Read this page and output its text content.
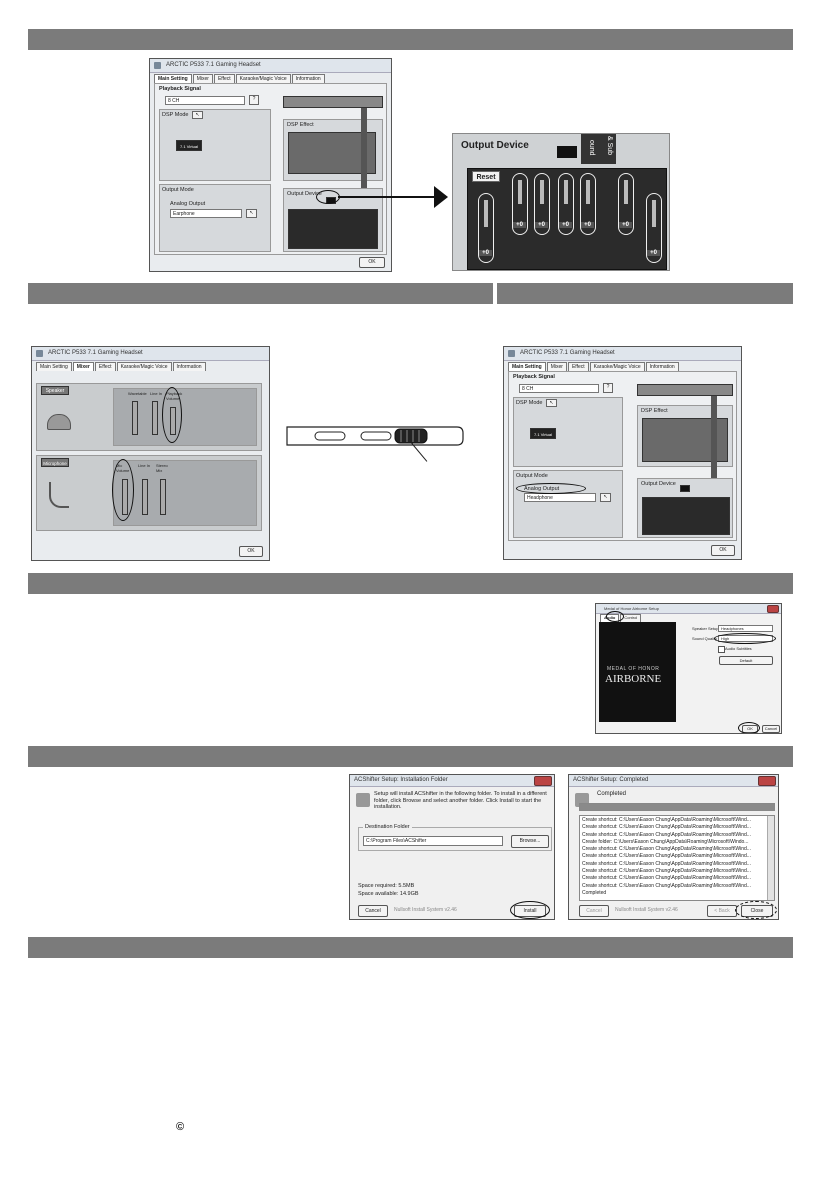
ARCTIC P533 7.1 Gaming Headset
Main Setting	Mixer	Effect	Karaoke/Magic Voice	Information
Playback Signal
8 CH	?
DSP Mode	↖
7.1 Virtual
DSP Effect
Output Mode
Analog Output
Earphone	↖
Output Device
OK
Output Device	ound & Sub
Reset
+0
+0	+0	+0	+0	+0
+0
ARCTIC P533 7.1 Gaming Headset
Main Setting	Mixer	Effect	Karaoke/Magic Voice	Information
Speaker	Wavetable Line In Playback Volume
Microphone	Mic Volume
Line In Stereo Mix
OK
ARCTIC P533 7.1 Gaming Headset
Main Setting	Mixer	Effect	Karaoke/Magic Voice	Information
Playback Signal
8 CH	?
DSP Mode	↖
7.1 Virtual
DSP Effect
Output Mode
Analog Output
Headphone	↖
Output Device
OK
Medal of Honor Airborne Setup
Audio	Control
MEDAL OF HONOR
AIRBORNE
Speaker Setup Headphones
Sound Quality High
Audio Subtitles
Default
OK	Cancel
ACShifter Setup: Installation Folder
Setup will install ACShifter in the following folder. To install in a different folder, click Browse and select another folder. Click Install to start the installation.
Destination Folder
C:\Program Files\ACShifter	Browse...
Space required: 5.5MB
Space available: 14.9GB
Cancel	Nullsoft Install System v2.46	Install
ACShifter Setup: Completed
Completed
Create shortcut: C:\Users\Eason Chung\AppData\Roaming\Microsoft\Wind...
Create shortcut: C:\Users\Eason Chung\AppData\Roaming\Microsoft\Wind...
Create shortcut: C:\Users\Eason Chung\AppData\Roaming\Microsoft\Wind...
Create folder: C:\Users\Eason Chung\AppData\Roaming\Microsoft\Windo...
Create shortcut: C:\Users\Eason Chung\AppData\Roaming\Microsoft\Wind...
Create shortcut: C:\Users\Eason Chung\AppData\Roaming\Microsoft\Wind...
Create shortcut: C:\Users\Eason Chung\AppData\Roaming\Microsoft\Wind...
Create shortcut: C:\Users\Eason Chung\AppData\Roaming\Microsoft\Wind...
Create shortcut: C:\Users\Eason Chung\AppData\Roaming\Microsoft\Wind...
Create shortcut: C:\Users\Eason Chung\AppData\Roaming\Microsoft\Wind...
Completed
Cancel	Nullsoft Install System v2.46	< Back	Close
©
